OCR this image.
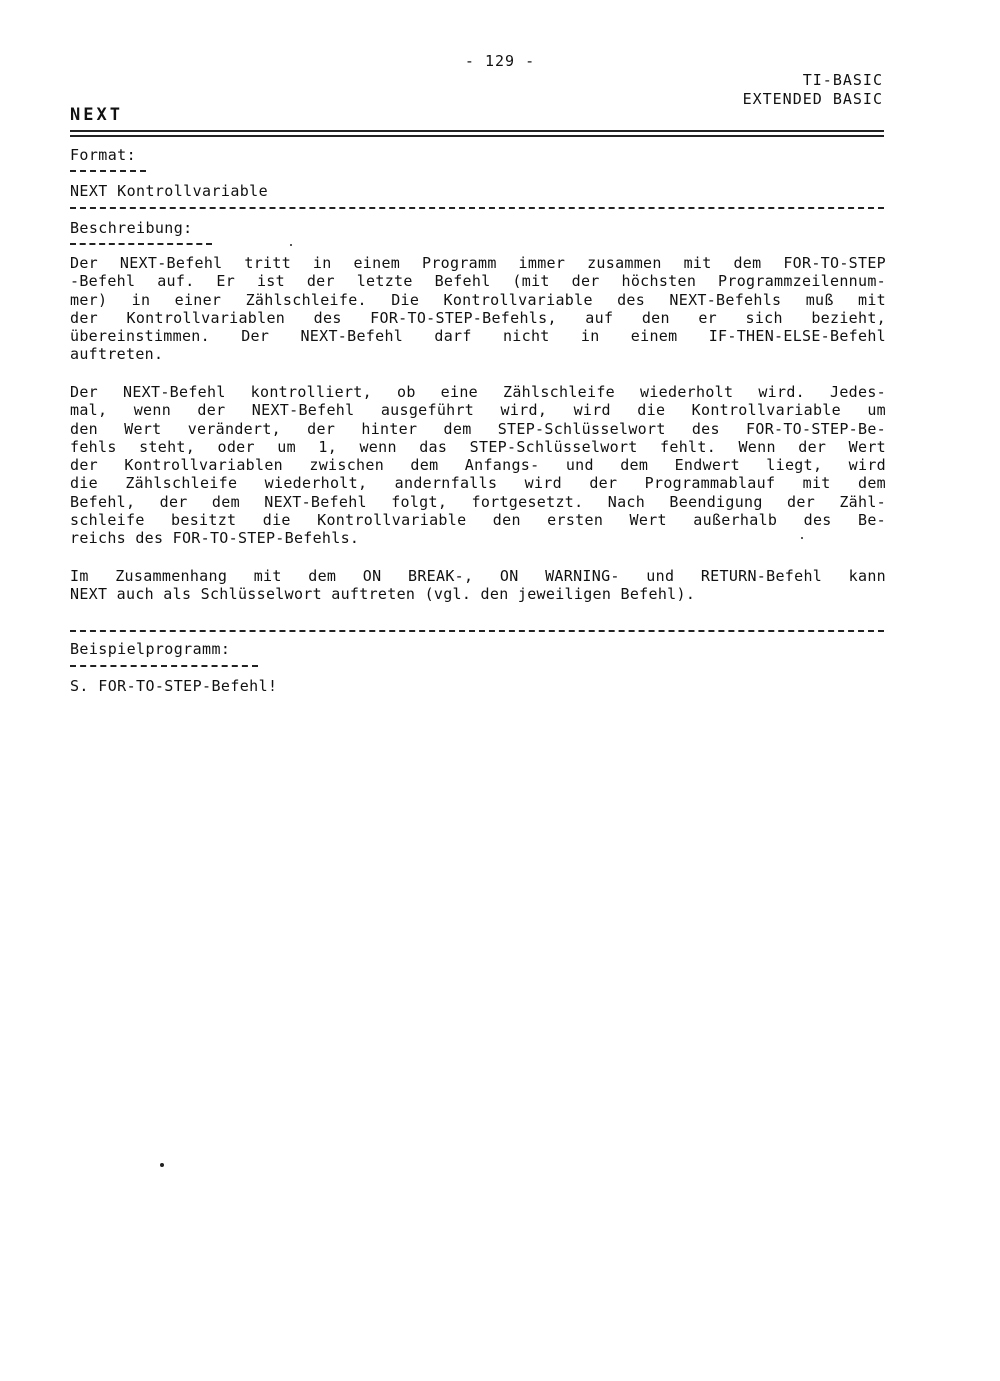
- 129 -
TI-BASIC
EXTENDED BASIC
NEXT
Format:
NEXT Kontrollvariable
Beschreibung:
Der NEXT-Befehl tritt in einem Programm immer zusammen mit dem FOR-TO-STEP
-Befehl auf. Er ist der letzte Befehl (mit der höchsten Programmzeilennum-
mer) in einer Zählschleife. Die Kontrollvariable des NEXT-Befehls muß mit
der Kontrollvariablen des FOR-TO-STEP-Befehls, auf den er sich bezieht,
übereinstimmen. Der NEXT-Befehl darf nicht in einem IF-THEN-ELSE-Befehl
auftreten.
Der NEXT-Befehl kontrolliert, ob eine Zählschleife wiederholt wird. Jedes-
mal, wenn der NEXT-Befehl ausgeführt wird, wird die Kontrollvariable um
den Wert verändert, der hinter dem STEP-Schlüsselwort des FOR-TO-STEP-Be-
fehls steht, oder um 1, wenn das STEP-Schlüsselwort fehlt. Wenn der Wert
der Kontrollvariablen zwischen dem Anfangs- und dem Endwert liegt, wird
die Zählschleife wiederholt, andernfalls wird der Programmablauf mit dem
Befehl, der dem NEXT-Befehl folgt, fortgesetzt. Nach Beendigung der Zähl-
schleife besitzt die Kontrollvariable den ersten Wert außerhalb des Be-
reichs des FOR-TO-STEP-Befehls.
Im Zusammenhang mit dem ON BREAK-, ON WARNING- und RETURN-Befehl kann
NEXT auch als Schlüsselwort auftreten (vgl. den jeweiligen Befehl).
Beispielprogramm:
S. FOR-TO-STEP-Befehl!
